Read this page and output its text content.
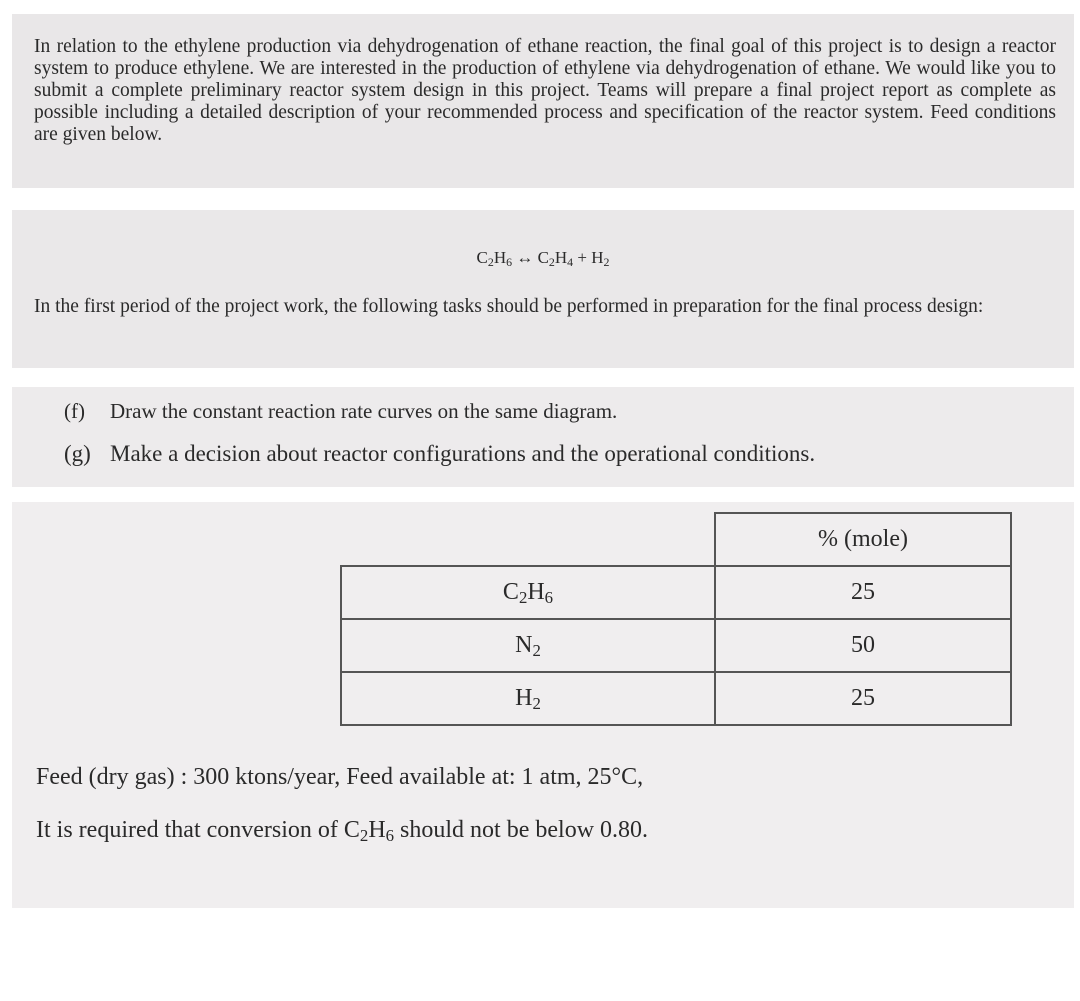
In relation to the ethylene production via dehydrogenation of ethane reaction, the final goal of this project is to design a reactor system to produce ethylene. We are interested in the production of ethylene via dehydrogenation of ethane. We would like you to submit a complete preliminary reactor system design in this project. Teams will prepare a final project report as complete as possible including a detailed description of your recommended process and specification of the reactor system. Feed conditions are given below.

$C_2H_6$ ↔ $C_2H_4 + H_2$

In the first period of the project work, the following tasks should be performed in preparation for the final process design:

(f) Draw the constant reaction rate curves on the same diagram.
(g) Make a decision about reactor configurations and the operational conditions.
	% (mole)
$C_2H_6$	25
$N_2$	50
$H_2$	25
Feed (dry gas) : 300 ktons/year, Feed available at: 1 atm, 25°C,
It is required that conversion of $C_2H_6$ should not be below 0.80.
